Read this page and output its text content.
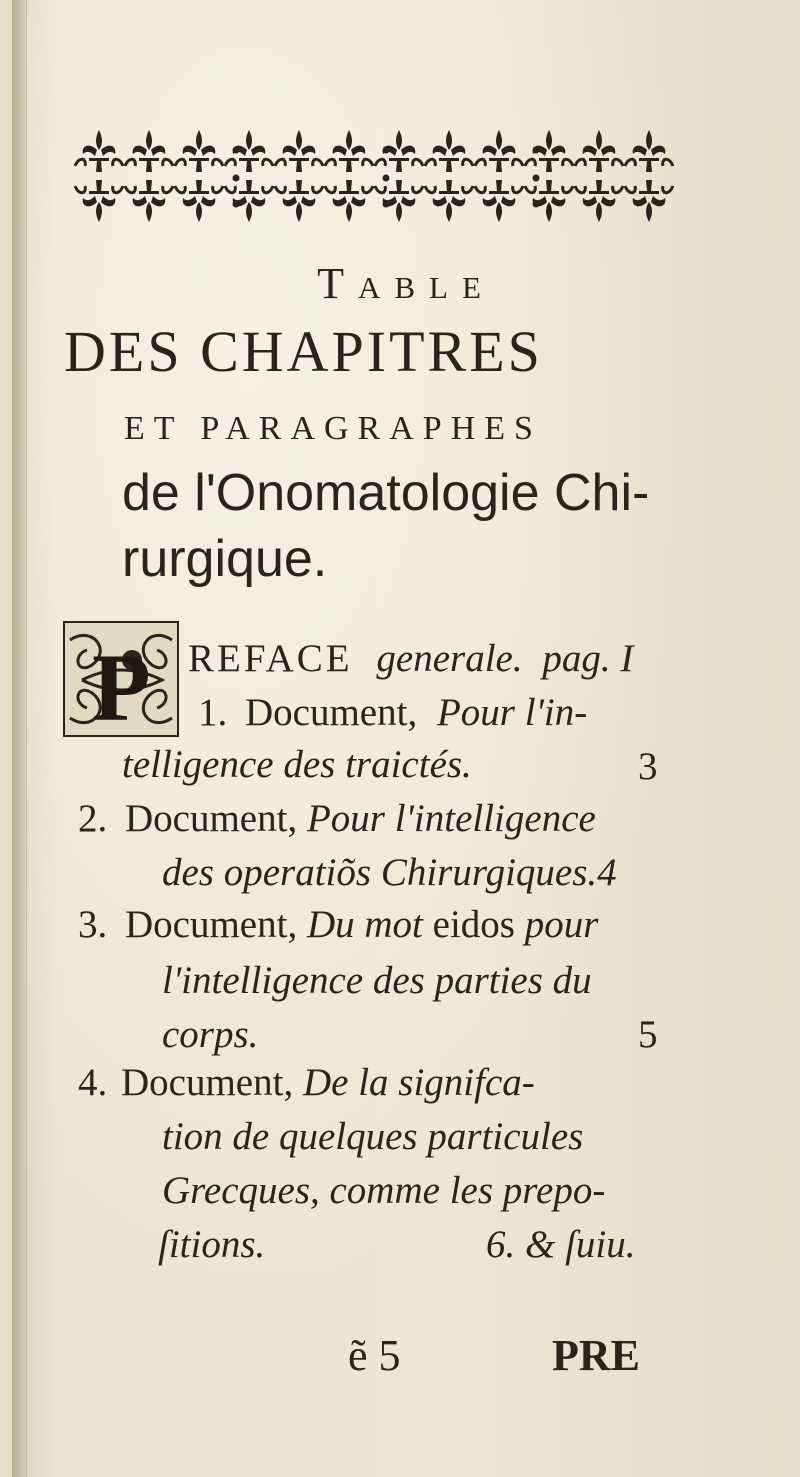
Table
DES CHAPITRES
ET PARAGRAPHES
de l'Onomatologie Chi-
rurgique.
P REFACE generale. pag. I
1. Document, Pour l'in-
telligence des traictés.	3
2. Document, Pour l'intelligence
des operatiõs Chirurgiques.4
3. Document, Du mot eidos pour
l'intelligence des parties du
corps.	5
4. Document, De la signifca-
tion de quelques particules
Grecques, comme les prepo-
ſitions.	6. & ſuiu.
ẽ 5	PRE
